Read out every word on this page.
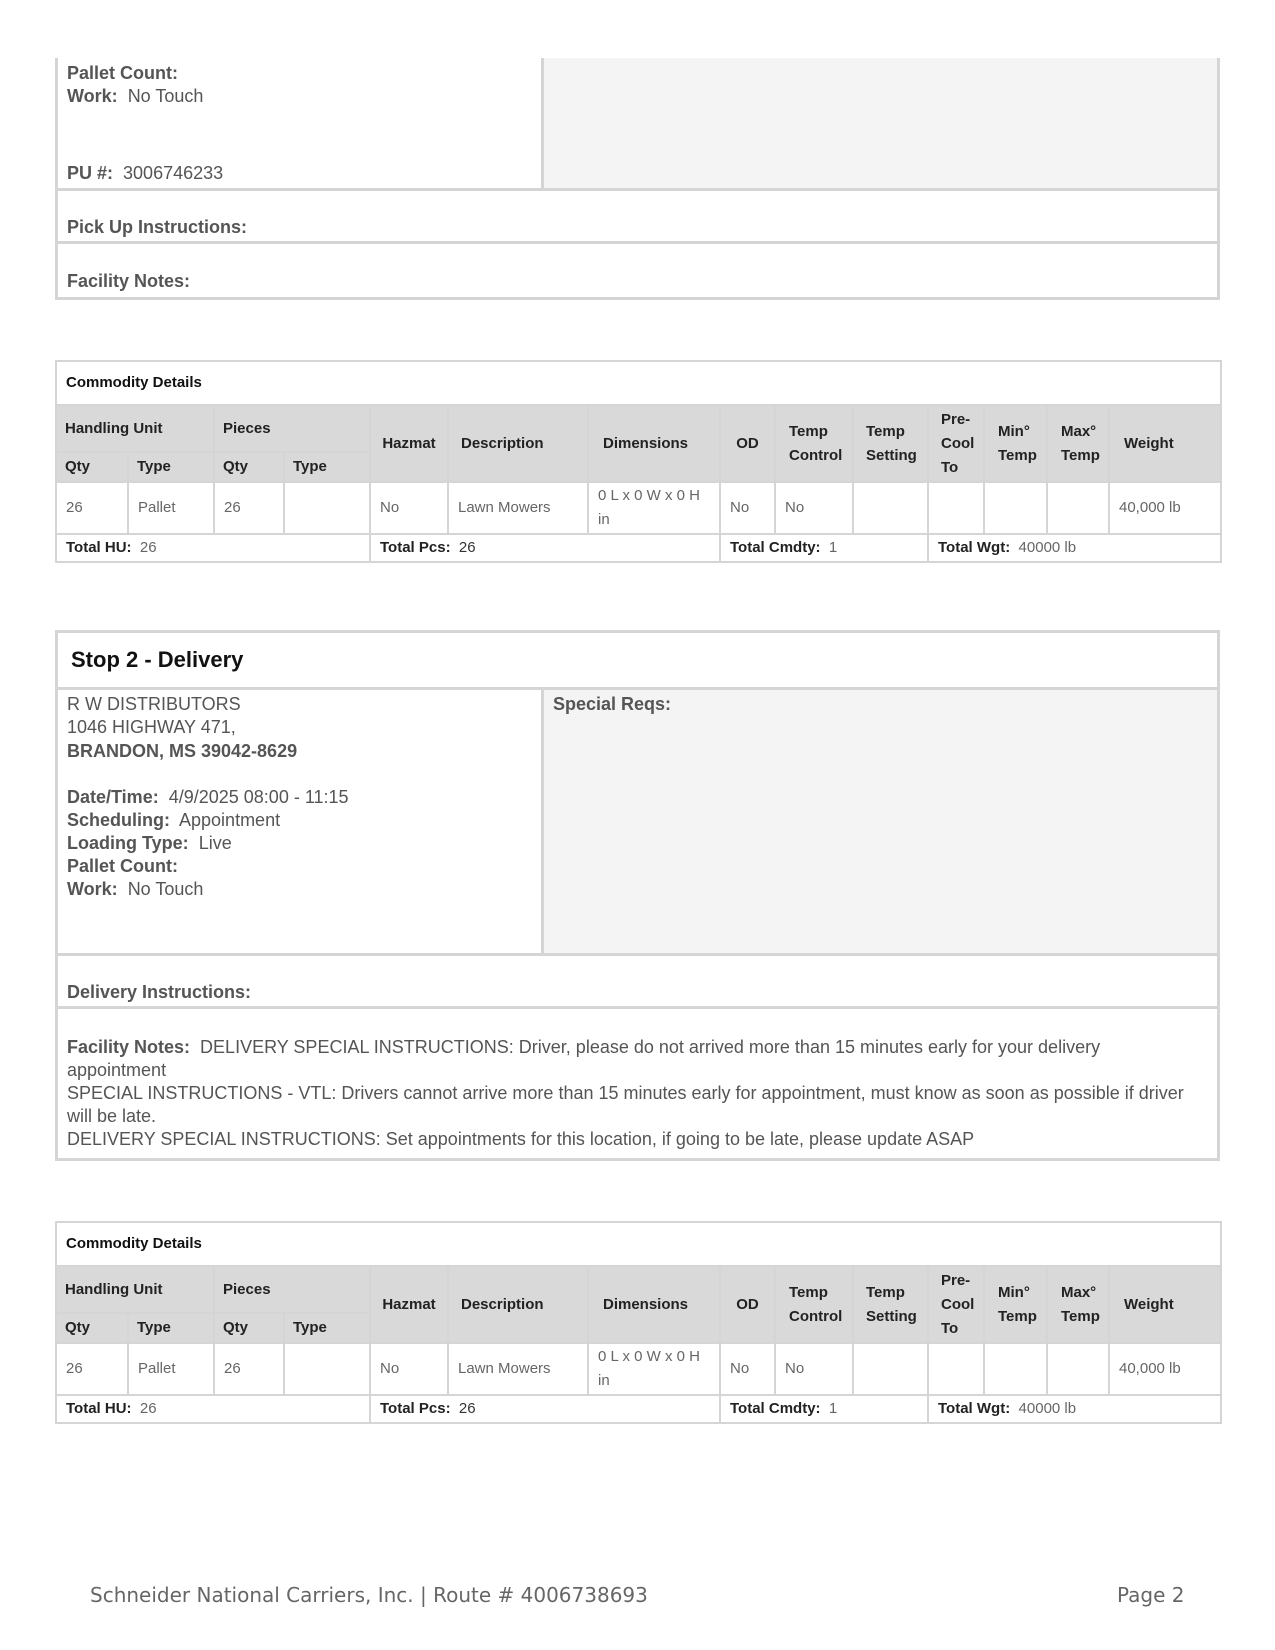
Pallet Count:
Work: No Touch
PU #: 3006746233
Pick Up Instructions:
Facility Notes:
Commodity Details													
Handling Unit		Pieces		Hazmat	Description	Dimensions	OD	Temp Control	Temp Setting	Pre-Cool To	Min° Temp	Max° Temp	Weight
Qty	Type	Qty	Type										
26	Pallet	26		No	Lawn Mowers	0 L x 0 W x 0 H in	No	No					40,000 lb
Total HU: 26				Total Pcs: 26			Total Cmdty: 1			Total Wgt: 40000 lb			
Stop 2 - Delivery
R W DISTRIBUTORS
1046 HIGHWAY 471,
BRANDON, MS 39042-8629
Date/Time: 4/9/2025 08:00 - 11:15
Scheduling: Appointment
Loading Type: Live
Pallet Count:
Work: No Touch
Special Reqs:
Delivery Instructions:
Facility Notes: DELIVERY SPECIAL INSTRUCTIONS: Driver, please do not arrived more than 15 minutes early for your delivery appointment
SPECIAL INSTRUCTIONS - VTL: Drivers cannot arrive more than 15 minutes early for appointment, must know as soon as possible if driver will be late.
DELIVERY SPECIAL INSTRUCTIONS: Set appointments for this location, if going to be late, please update ASAP
Commodity Details													
Handling Unit		Pieces		Hazmat	Description	Dimensions	OD	Temp Control	Temp Setting	Pre-Cool To	Min° Temp	Max° Temp	Weight
Qty	Type	Qty	Type										
26	Pallet	26		No	Lawn Mowers	0 L x 0 W x 0 H in	No	No					40,000 lb
Total HU: 26				Total Pcs: 26			Total Cmdty: 1			Total Wgt: 40000 lb			
Schneider National Carriers, Inc. | Route # 4006738693	Page 2
